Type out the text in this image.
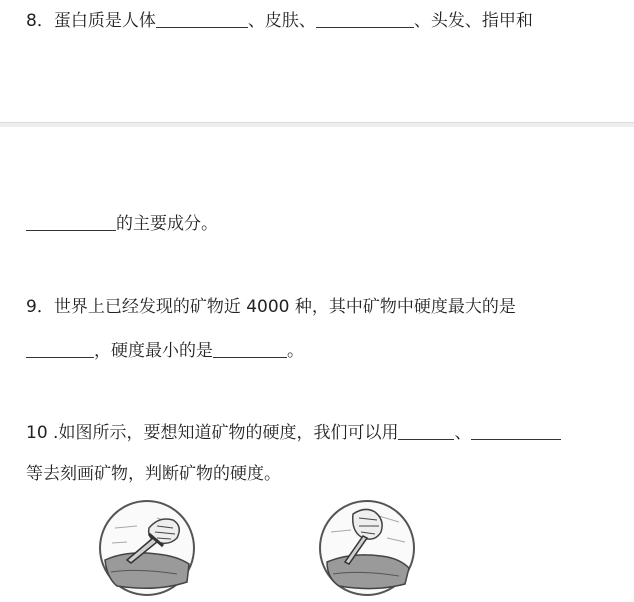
8．蛋白质是人体	、皮肤、	、头发、指甲和
的主要成分。
9．世界上已经发现的矿物近 4000 种，其中矿物中硬度最大的是
，硬度最小的是	。
10 .如图所示，要想知道矿物的硬度，我们可以用	、
等去刻画矿物，判断矿物的硬度。
